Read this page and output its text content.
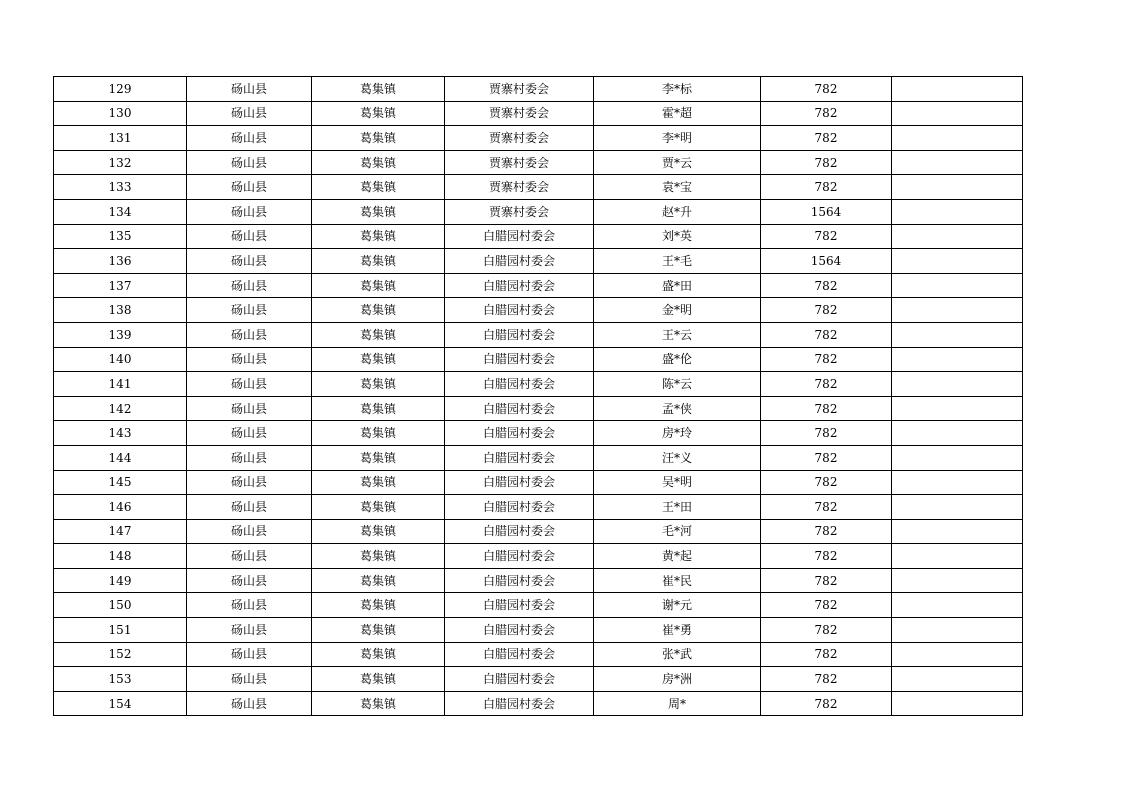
129	砀山县	葛集镇	贾寨村委会	李*标	782	
130	砀山县	葛集镇	贾寨村委会	霍*超	782	
131	砀山县	葛集镇	贾寨村委会	李*明	782	
132	砀山县	葛集镇	贾寨村委会	贾*云	782	
133	砀山县	葛集镇	贾寨村委会	袁*宝	782	
134	砀山县	葛集镇	贾寨村委会	赵*升	1564	
135	砀山县	葛集镇	白腊园村委会	刘*英	782	
136	砀山县	葛集镇	白腊园村委会	王*毛	1564	
137	砀山县	葛集镇	白腊园村委会	盛*田	782	
138	砀山县	葛集镇	白腊园村委会	金*明	782	
139	砀山县	葛集镇	白腊园村委会	王*云	782	
140	砀山县	葛集镇	白腊园村委会	盛*伦	782	
141	砀山县	葛集镇	白腊园村委会	陈*云	782	
142	砀山县	葛集镇	白腊园村委会	孟*侠	782	
143	砀山县	葛集镇	白腊园村委会	房*玲	782	
144	砀山县	葛集镇	白腊园村委会	汪*义	782	
145	砀山县	葛集镇	白腊园村委会	吴*明	782	
146	砀山县	葛集镇	白腊园村委会	王*田	782	
147	砀山县	葛集镇	白腊园村委会	毛*河	782	
148	砀山县	葛集镇	白腊园村委会	黄*起	782	
149	砀山县	葛集镇	白腊园村委会	崔*民	782	
150	砀山县	葛集镇	白腊园村委会	谢*元	782	
151	砀山县	葛集镇	白腊园村委会	崔*勇	782	
152	砀山县	葛集镇	白腊园村委会	张*武	782	
153	砀山县	葛集镇	白腊园村委会	房*洲	782	
154	砀山县	葛集镇	白腊园村委会	周*	782	
